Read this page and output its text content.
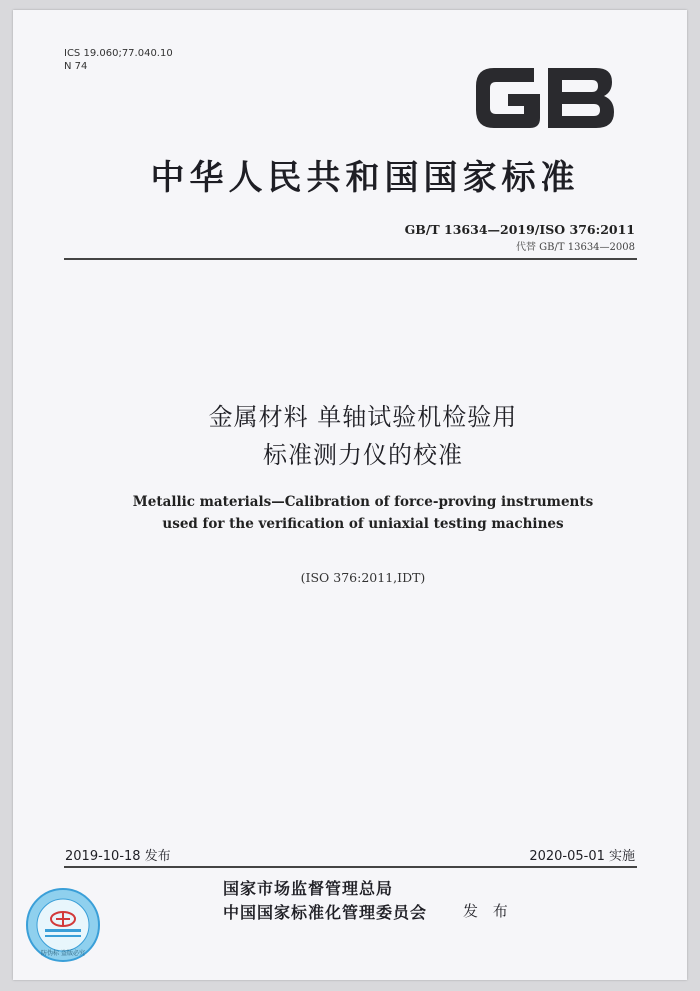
ICS 19.060;77.040.10
N 74
GB
中华人民共和国国家标准
GB/T 13634—2019/ISO 376:2011
代替 GB/T 13634—2008
金属材料 单轴试验机检验用
标准测力仪的校准
Metallic materials—Calibration of force-proving instruments
used for the verification of uniaxial testing machines
(ISO 376:2011,IDT)
2019-10-18 发布	2020-05-01 实施
国家市场监督管理总局
中国国家标准化管理委员会 发 布
防伪标 盗版必究
